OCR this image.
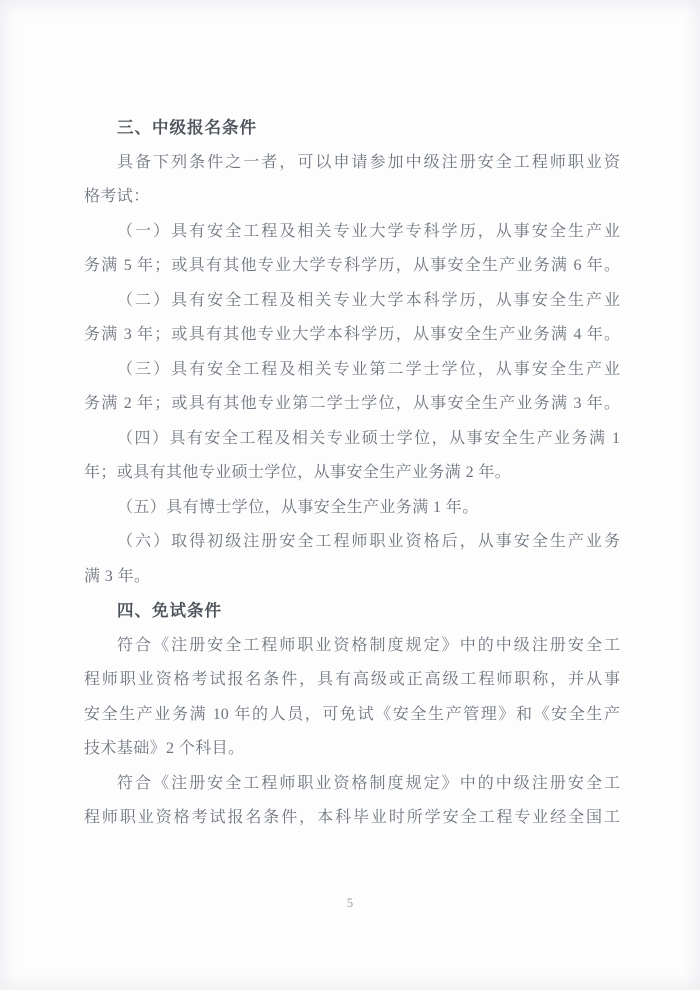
三、中级报名条件
具备下列条件之一者，可以申请参加中级注册安全工程师职业资
格考试：
（一）具有安全工程及相关专业大学专科学历，从事安全生产业
务满 5 年；或具有其他专业大学专科学历，从事安全生产业务满 6 年。
（二）具有安全工程及相关专业大学本科学历，从事安全生产业
务满 3 年；或具有其他专业大学本科学历，从事安全生产业务满 4 年。
（三）具有安全工程及相关专业第二学士学位，从事安全生产业
务满 2 年；或具有其他专业第二学士学位，从事安全生产业务满 3 年。
（四）具有安全工程及相关专业硕士学位，从事安全生产业务满 1
年；或具有其他专业硕士学位，从事安全生产业务满 2 年。
（五）具有博士学位，从事安全生产业务满 1 年。
（六）取得初级注册安全工程师职业资格后，从事安全生产业务
满 3 年。
四、免试条件
符合《注册安全工程师职业资格制度规定》中的中级注册安全工
程师职业资格考试报名条件，具有高级或正高级工程师职称，并从事
安全生产业务满 10 年的人员，可免试《安全生产管理》和《安全生产
技术基础》2 个科目。
符合《注册安全工程师职业资格制度规定》中的中级注册安全工
程师职业资格考试报名条件，本科毕业时所学安全工程专业经全国工
5
